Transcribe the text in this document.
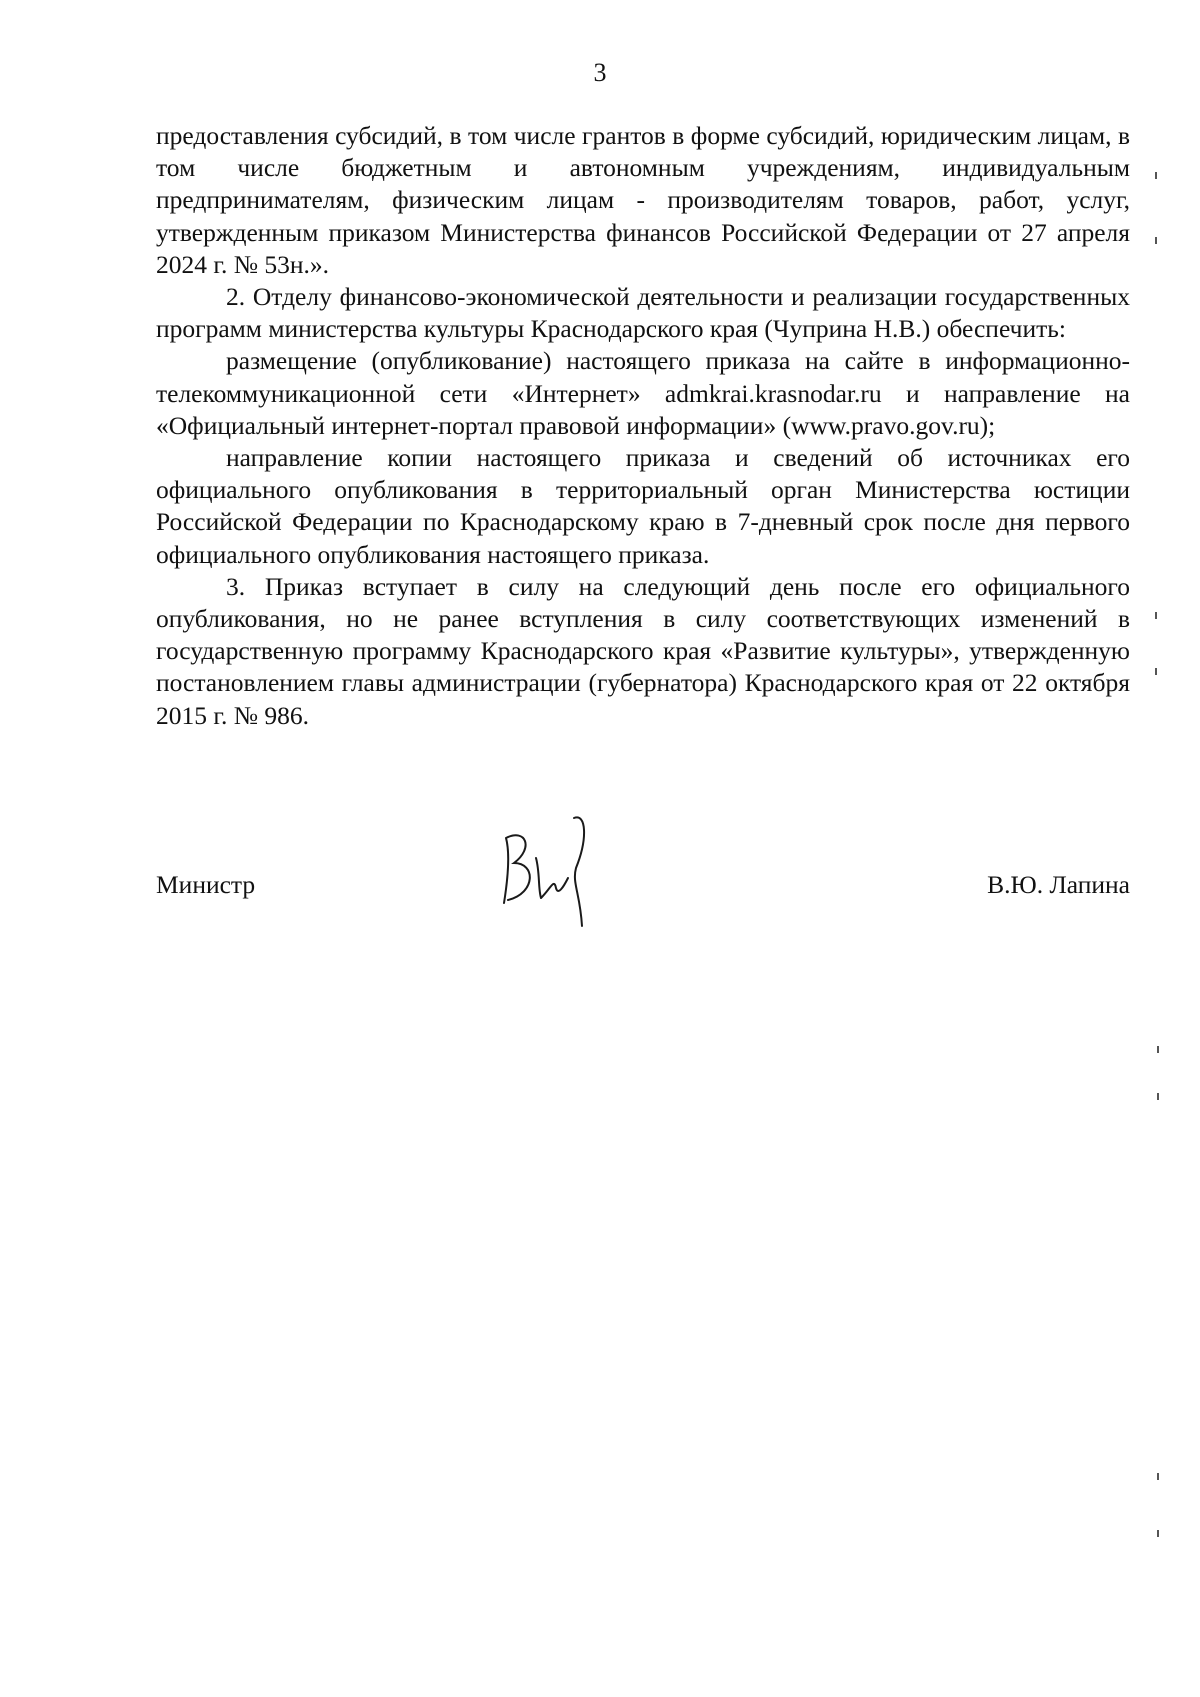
3

предоставления субсидий, в том числе грантов в форме субсидий, юридическим лицам, в том числе бюджетным и автономным учреждениям, индивидуальным предпринимателям, физическим лицам - производителям товаров, работ, услуг, утвержденным приказом Министерства финансов Российской Федерации от 27 апреля 2024 г. № 53н.».

2. Отделу финансово-экономической деятельности и реализации государственных программ министерства культуры Краснодарского края (Чуприна Н.В.) обеспечить:

размещение (опубликование) настоящего приказа на сайте в информационно-телекоммуникационной сети «Интернет» admkrai.krasnodar.ru и направление на «Официальный интернет-портал правовой информации» (www.pravo.gov.ru);

направление копии настоящего приказа и сведений об источниках его официального опубликования в территориальный орган Министерства юстиции Российской Федерации по Краснодарскому краю в 7-дневный срок после дня первого официального опубликования настоящего приказа.

3. Приказ вступает в силу на следующий день после его официального опубликования, но не ранее вступления в силу соответствующих изменений в государственную программу Краснодарского края «Развитие культуры», утвержденную постановлением главы администрации (губернатора) Краснодарского края от 22 октября 2015 г. № 986.

Министр	В.Ю. Лапина
